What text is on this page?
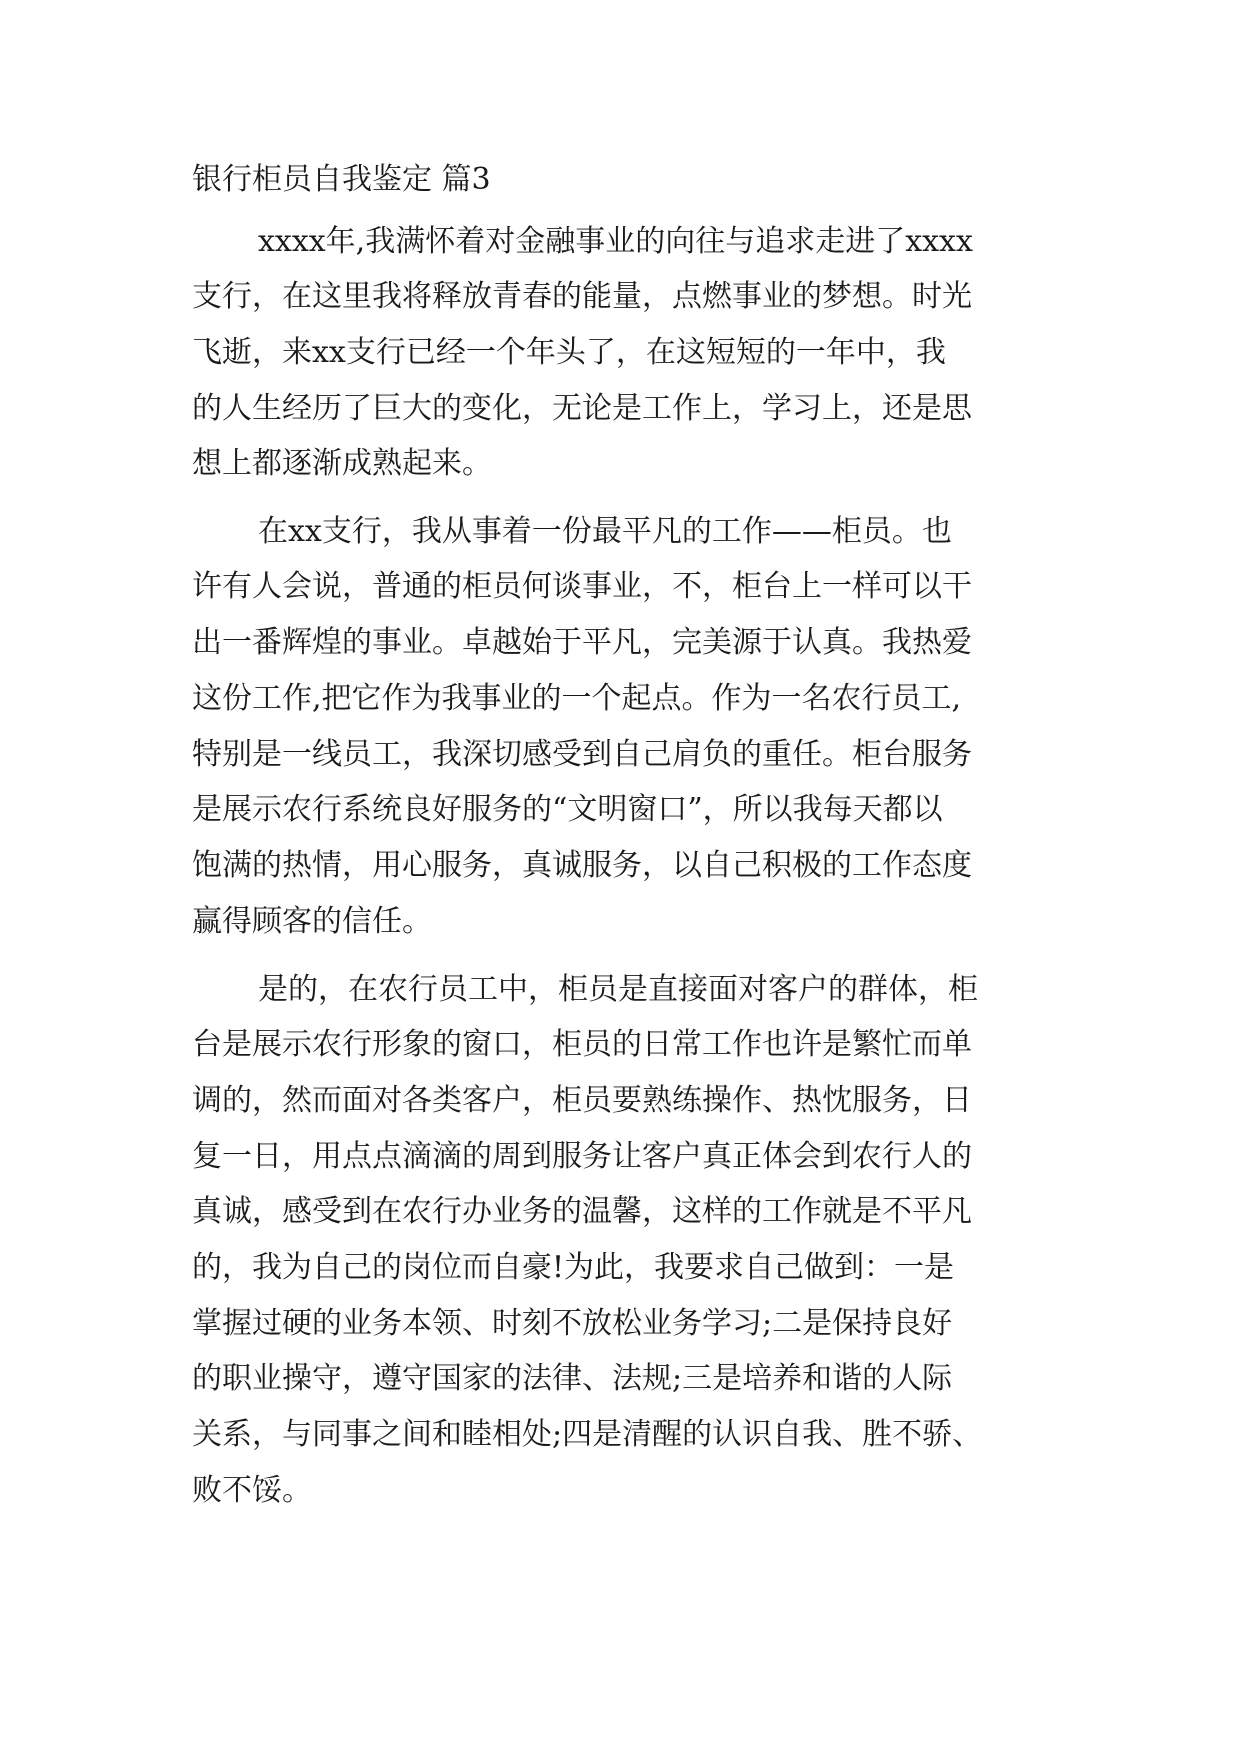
银行柜员自我鉴定 篇3

xxxx年,我满怀着对金融事业的向往与追求走进了xxxx

支行，在这里我将释放青春的能量，点燃事业的梦想。时光

飞逝，来xx支行已经一个年头了，在这短短的一年中，我

的人生经历了巨大的变化，无论是工作上，学习上，还是思

想上都逐渐成熟起来。

在xx支行，我从事着一份最平凡的工作——柜员。也

许有人会说，普通的柜员何谈事业，不，柜台上一样可以干

出一番辉煌的事业。卓越始于平凡，完美源于认真。我热爱

这份工作,把它作为我事业的一个起点。作为一名农行员工,

特别是一线员工，我深切感受到自己肩负的重任。柜台服务

是展示农行系统良好服务的“文明窗口”，所以我每天都以

饱满的热情，用心服务，真诚服务，以自己积极的工作态度

赢得顾客的信任。

是的，在农行员工中，柜员是直接面对客户的群体，柜

台是展示农行形象的窗口，柜员的日常工作也许是繁忙而单

调的，然而面对各类客户，柜员要熟练操作、热忱服务，日

复一日，用点点滴滴的周到服务让客户真正体会到农行人的

真诚，感受到在农行办业务的温馨，这样的工作就是不平凡

的，我为自己的岗位而自豪!为此，我要求自己做到：一是

掌握过硬的业务本领、时刻不放松业务学习;二是保持良好

的职业操守，遵守国家的法律、法规;三是培养和谐的人际

关系，与同事之间和睦相处;四是清醒的认识自我、胜不骄、

败不馁。
